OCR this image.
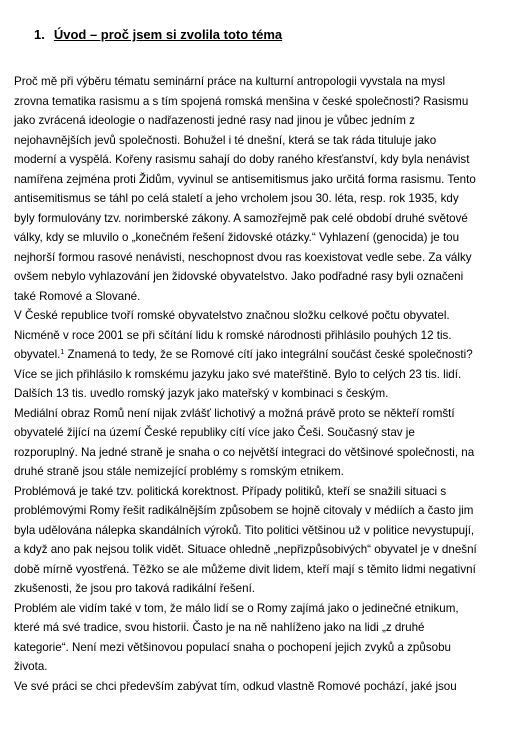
1. Úvod – proč jsem si zvolila toto téma
Proč mě při výběru tématu seminární práce na kulturní antropologii vyvstala na mysl
zrovna tematika rasismu a s tím spojená romská menšina v české společnosti? Rasismu
jako zvrácená ideologie o nadřazenosti jedné rasy nad jinou je vůbec jedním z
nejohavnějších jevů společnosti. Bohužel i té dnešní, která se tak ráda tituluje jako
moderní a vyspělá. Kořeny rasismu sahají do doby raného křesťanství, kdy byla nenávist
namířena zejména proti Židům, vyvinul se antisemitismus jako určitá forma rasismu. Tento
antisemitismus se táhl po celá staletí a jeho vrcholem jsou 30. léta, resp. rok 1935, kdy
byly formulovány tzv. norimberské zákony. A samozřejmě pak celé období druhé světové
války, kdy se mluvilo o „konečném řešení židovské otázky.“ Vyhlazení (genocida) je tou
nejhorší formou rasové nenávisti, neschopnost dvou ras koexistovat vedle sebe. Za války
ovšem nebylo vyhlazování jen židovské obyvatelstvo. Jako podřadné rasy byli označeni
také Romové a Slované.
V České republice tvoří romské obyvatelstvo značnou složku celkové počtu obyvatel.
Nicméně v roce 2001 se při sčítání lidu k romské národnosti přihlásilo pouhých 12 tis.
obyvatel.$^1$ Znamená to tedy, že se Romové cítí jako integrální součást české společnosti?
Více se jich přihlásilo k romskému jazyku jako své mateřštině. Bylo to celých 23 tis. lidí.
Dalších 13 tis. uvedlo romský jazyk jako mateřský v kombinaci s českým.
Mediální obraz Romů není nijak zvlášť lichotivý a možná právě proto se někteří romští
obyvatelé žijící na území České republiky cítí více jako Češi. Současný stav je
rozporuplný. Na jedné straně je snaha o co největší integraci do většinové společnosti, na
druhé straně jsou stále nemizející problémy s romským etnikem.
Problémová je také tzv. politická korektnost. Případy politiků, kteří se snažili situaci s
problémovými Romy řešit radikálnějším způsobem se hojně citovaly v médiích a často jim
byla udělována nálepka skandálních výroků. Tito politici většinou už v politice nevystupují,
a když ano pak nejsou tolik vidět. Situace ohledně „nepřizpůsobivých“ obyvatel je v dnešní
době mírně vyostřená. Těžko se ale můžeme divit lidem, kteří mají s těmito lidmi negativní
zkušenosti, že jsou pro taková radikální řešení.
Problém ale vidím také v tom, že málo lidí se o Romy zajímá jako o jedinečné etnikum,
které má své tradice, svou historii. Často je na ně nahlíženo jako na lidi „z druhé
kategorie“. Není mezi většinovou populací snaha o pochopení jejich zvyků a způsobu
života.
Ve své práci se chci především zabývat tím, odkud vlastně Romové pochází, jaké jsou
